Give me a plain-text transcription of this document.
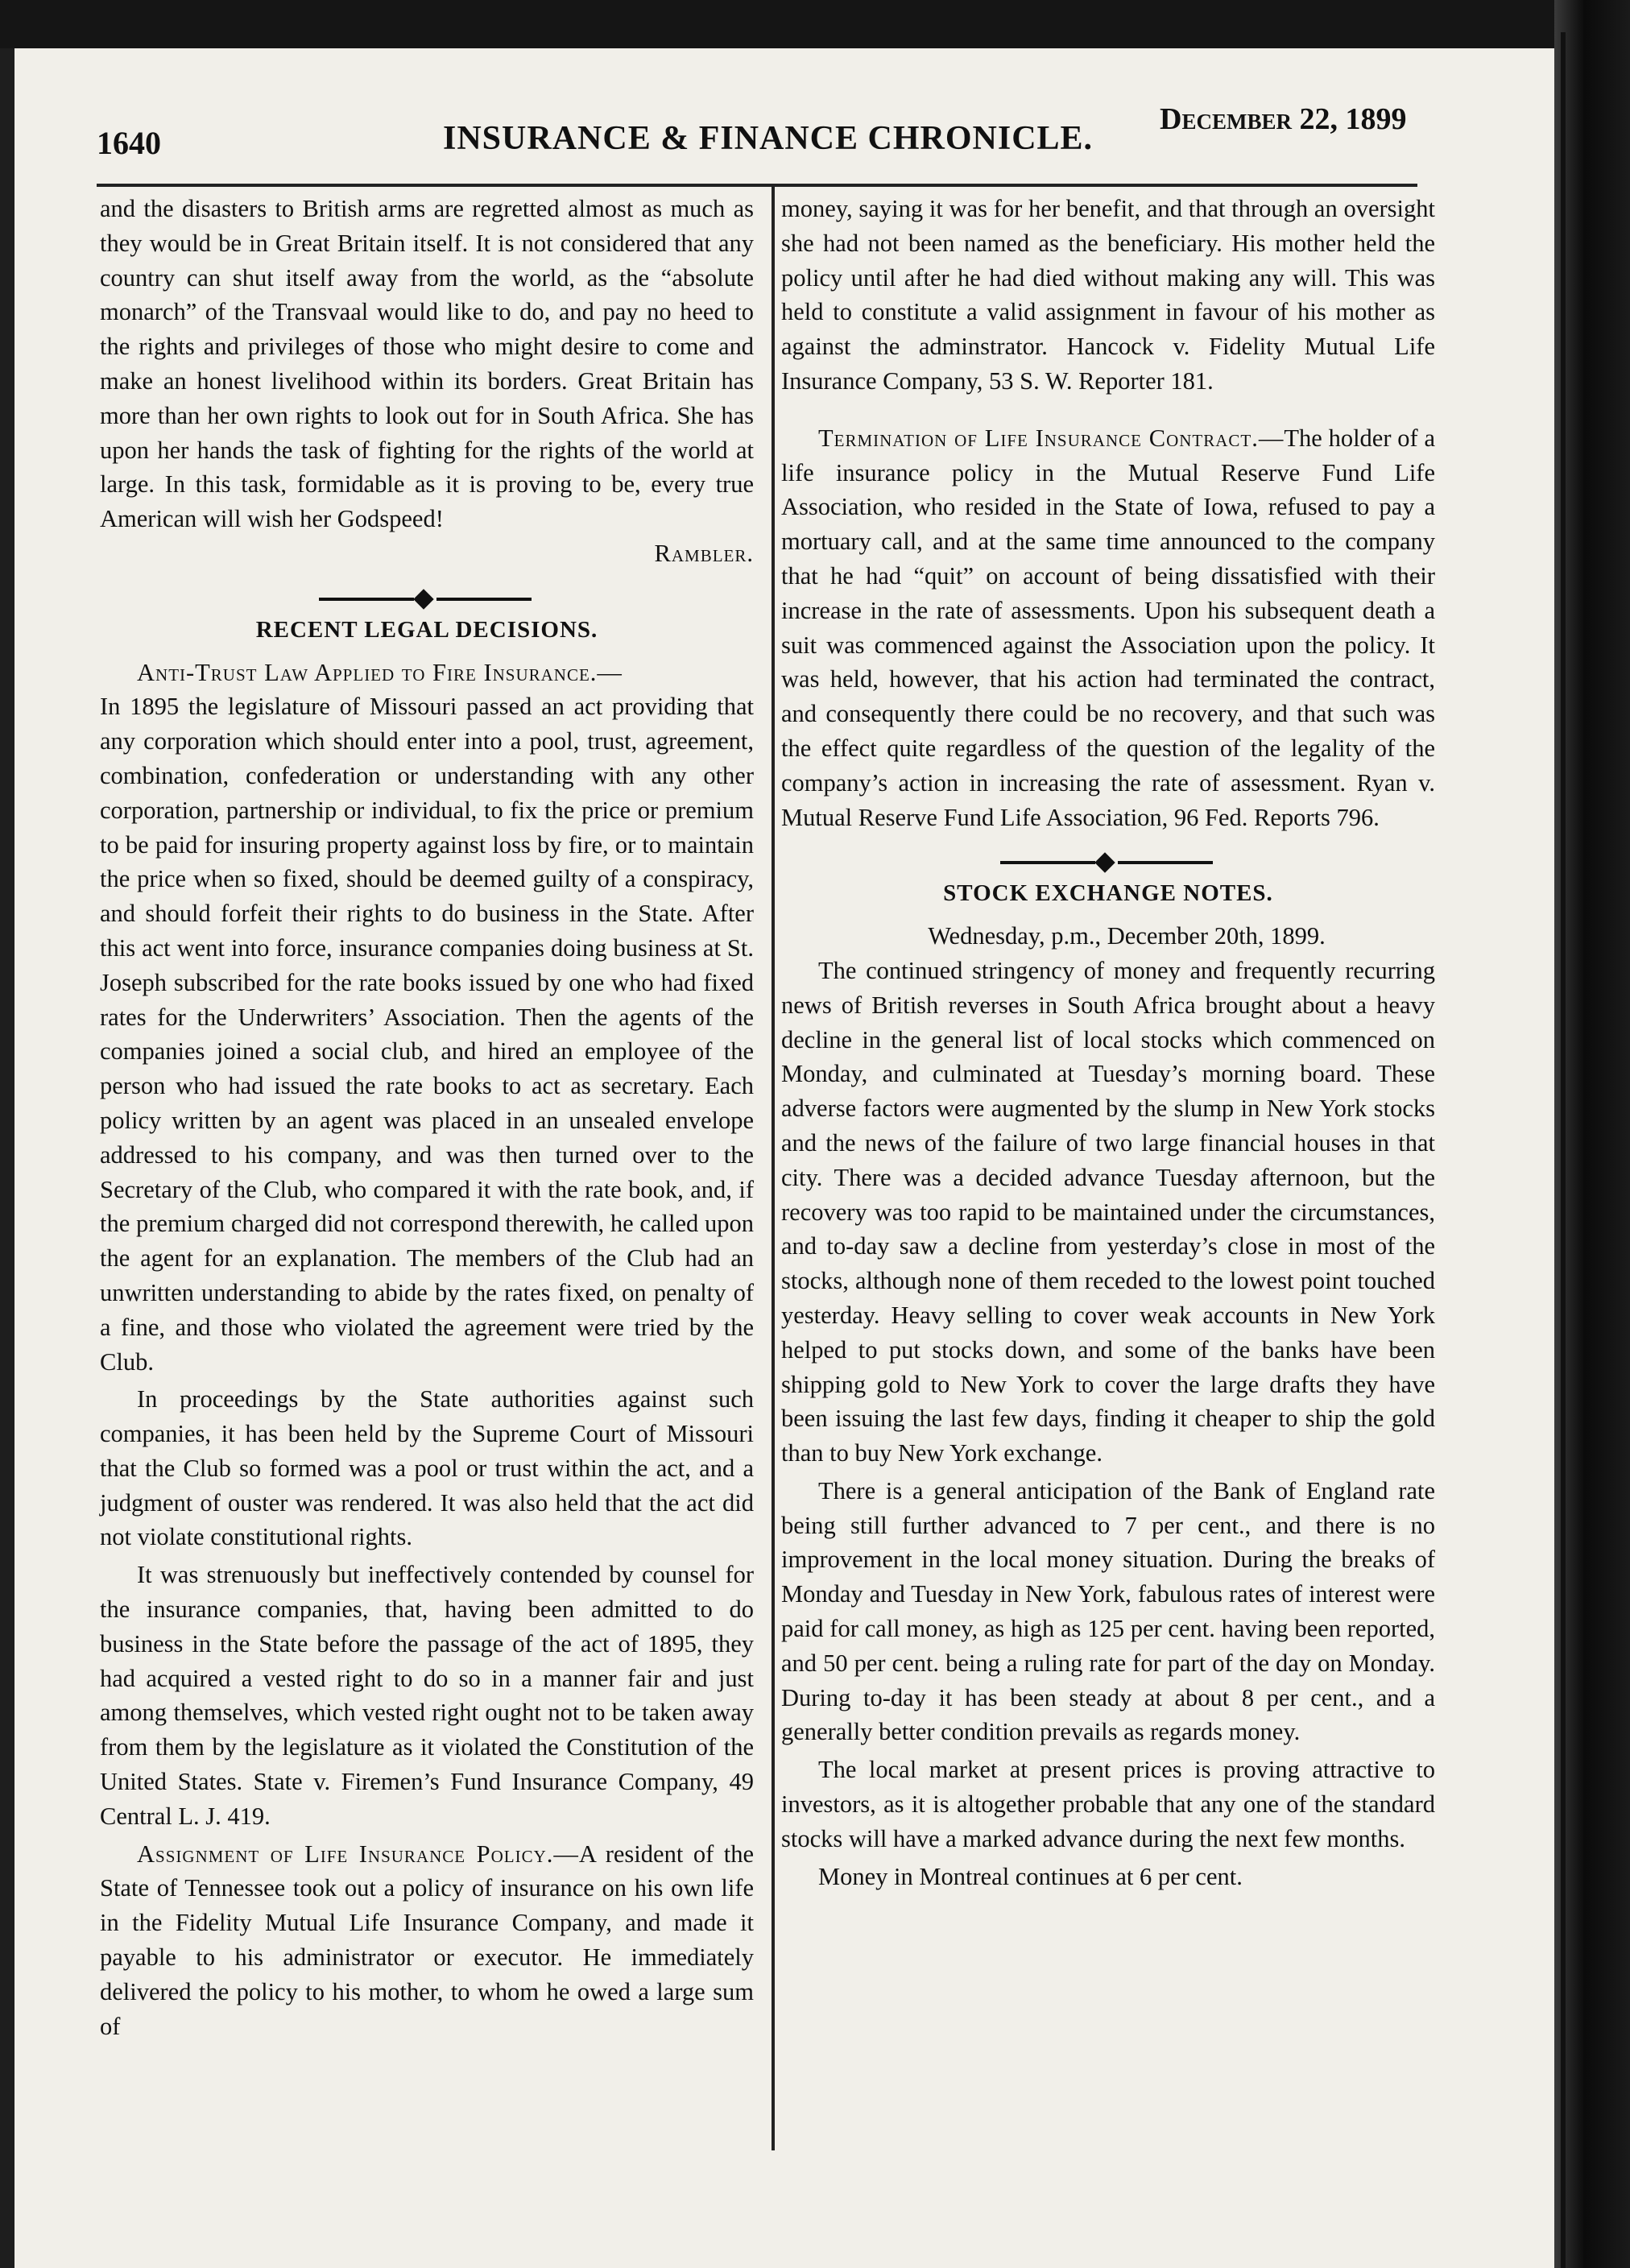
1640	INSURANCE & FINANCE CHRONICLE.
December 22, 1899

and the disasters to British arms are regretted almost as much as they would be in Great Britain itself. It is not considered that any country can shut itself away from the world, as the “absolute monarch” of the Transvaal would like to do, and pay no heed to the rights and privileges of those who might desire to come and make an honest livelihood within its borders. Great Britain has more than her own rights to look out for in South Africa. She has upon her hands the task of fighting for the rights of the world at large. In this task, formidable as it is proving to be, every true American will wish her Godspeed!

Rambler.

RECENT LEGAL DECISIONS.

Anti-Trust Law Applied to Fire Insurance.—
In 1895 the legislature of Missouri passed an act providing that any corporation which should enter into a pool, trust, agreement, combination, confederation or understanding with any other corporation, partnership or individual, to fix the price or premium to be paid for insuring property against loss by fire, or to maintain the price when so fixed, should be deemed guilty of a conspiracy, and should forfeit their rights to do business in the State. After this act went into force, insurance companies doing business at St. Joseph subscribed for the rate books issued by one who had fixed rates for the Underwriters’ Association. Then the agents of the companies joined a social club, and hired an employee of the person who had issued the rate books to act as secretary. Each policy written by an agent was placed in an unsealed envelope addressed to his company, and was then turned over to the Secretary of the Club, who compared it with the rate book, and, if the premium charged did not correspond therewith, he called upon the agent for an explanation. The members of the Club had an unwritten understanding to abide by the rates fixed, on penalty of a fine, and those who violated the agreement were tried by the Club.

In proceedings by the State authorities against such companies, it has been held by the Supreme Court of Missouri that the Club so formed was a pool or trust within the act, and a judgment of ouster was rendered. It was also held that the act did not violate constitutional rights.

It was strenuously but ineffectively contended by counsel for the insurance companies, that, having been admitted to do business in the State before the passage of the act of 1895, they had acquired a vested right to do so in a manner fair and just among themselves, which vested right ought not to be taken away from them by the legislature as it violated the Constitution of the United States. State v. Firemen’s Fund Insurance Company, 49 Central L. J. 419.

Assignment of Life Insurance Policy.—A resident of the State of Tennessee took out a policy of insurance on his own life in the Fidelity Mutual Life Insurance Company, and made it payable to his administrator or executor. He immediately delivered the policy to his mother, to whom he owed a large sum of

money, saying it was for her benefit, and that through an oversight she had not been named as the beneficiary. His mother held the policy until after he had died without making any will. This was held to constitute a valid assignment in favour of his mother as against the adminstrator. Hancock v. Fidelity Mutual Life Insurance Company, 53 S. W. Reporter 181.

Termination of Life Insurance Contract.—The holder of a life insurance policy in the Mutual Reserve Fund Life Association, who resided in the State of Iowa, refused to pay a mortuary call, and at the same time announced to the company that he had “quit” on account of being dissatisfied with their increase in the rate of assessments. Upon his subsequent death a suit was commenced against the Association upon the policy. It was held, however, that his action had terminated the contract, and consequently there could be no recovery, and that such was the effect quite regardless of the question of the legality of the company’s action in increasing the rate of assessment. Ryan v. Mutual Reserve Fund Life Association, 96 Fed. Reports 796.

STOCK EXCHANGE NOTES.

Wednesday, p.m., December 20th, 1899.

The continued stringency of money and frequently recurring news of British reverses in South Africa brought about a heavy decline in the general list of local stocks which commenced on Monday, and culminated at Tuesday’s morning board. These adverse factors were augmented by the slump in New York stocks and the news of the failure of two large financial houses in that city. There was a decided advance Tuesday afternoon, but the recovery was too rapid to be maintained under the circumstances, and to-day saw a decline from yesterday’s close in most of the stocks, although none of them receded to the lowest point touched yesterday. Heavy selling to cover weak accounts in New York helped to put stocks down, and some of the banks have been shipping gold to New York to cover the large drafts they have been issuing the last few days, finding it cheaper to ship the gold than to buy New York exchange.

There is a general anticipation of the Bank of England rate being still further advanced to 7 per cent., and there is no improvement in the local money situation. During the breaks of Monday and Tuesday in New York, fabulous rates of interest were paid for call money, as high as 125 per cent. having been reported, and 50 per cent. being a ruling rate for part of the day on Monday. During to-day it has been steady at about 8 per cent., and a generally better condition prevails as regards money.

The local market at present prices is proving attractive to investors, as it is altogether probable that any one of the standard stocks will have a marked advance during the next few months.

Money in Montreal continues at 6 per cent.
